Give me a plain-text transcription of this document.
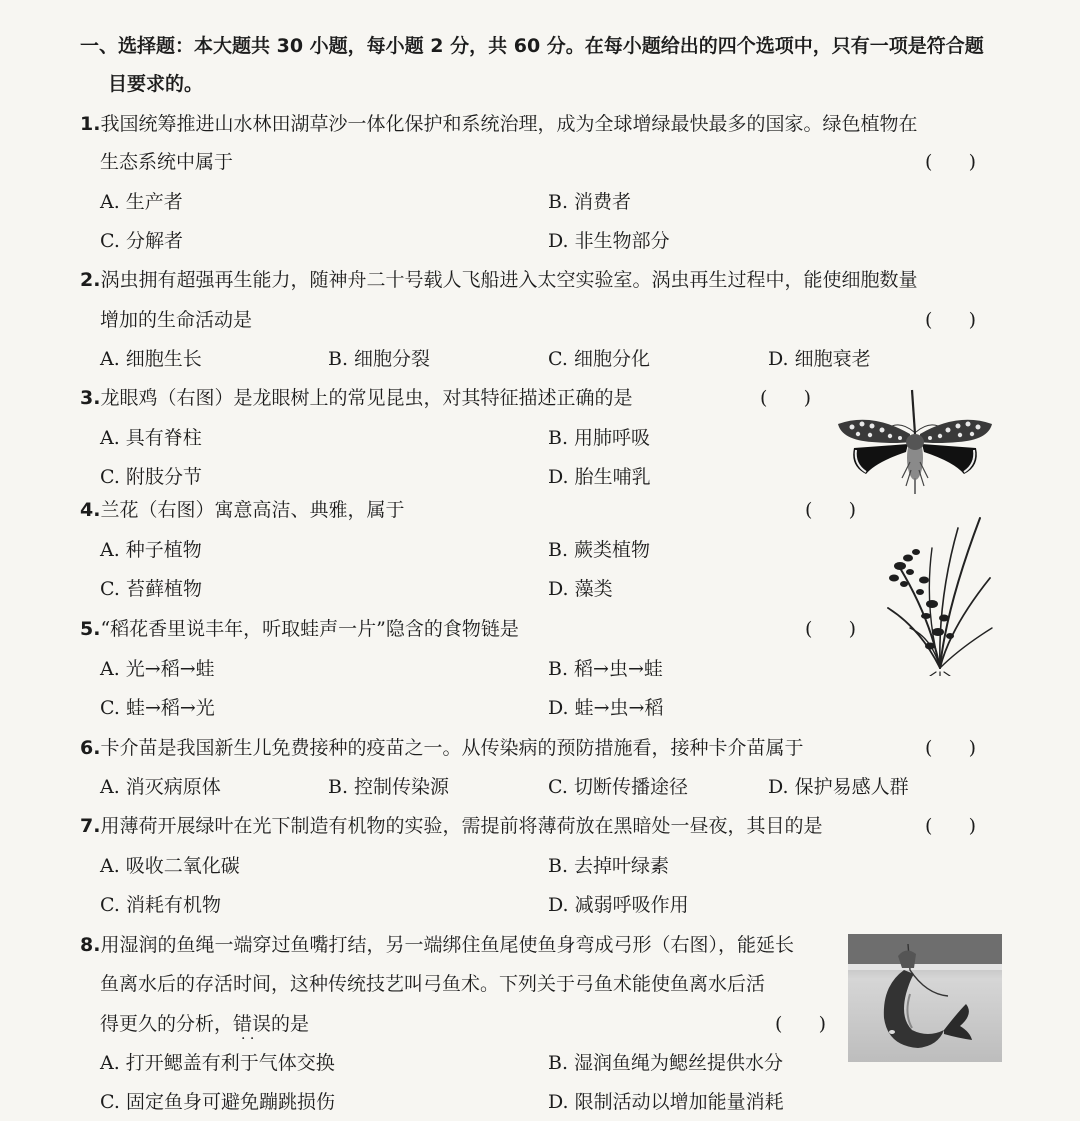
一、选择题：本大题共 30 小题，每小题 2 分，共 60 分。在每小题给出的四个选项中，只有一项是符合题
目要求的。
1.我国统筹推进山水林田湖草沙一体化保护和系统治理，成为全球增绿最快最多的国家。绿色植物在
生态系统中属于	(      )
A. 生产者	B. 消费者
C. 分解者	D. 非生物部分
2.涡虫拥有超强再生能力，随神舟二十号载人飞船进入太空实验室。涡虫再生过程中，能使细胞数量
增加的生命活动是	(      )
A. 细胞生长	B. 细胞分裂	C. 细胞分化	D. 细胞衰老
3.龙眼鸡（右图）是龙眼树上的常见昆虫，对其特征描述正确的是	(      )
A. 具有脊柱	B. 用肺呼吸
C. 附肢分节	D. 胎生哺乳
4.兰花（右图）寓意高洁、典雅，属于	(      )
A. 种子植物	B. 蕨类植物
C. 苔藓植物	D. 藻类
5.“稻花香里说丰年，听取蛙声一片”隐含的食物链是	(      )
A. 光→稻→蛙	B. 稻→虫→蛙
C. 蛙→稻→光	D. 蛙→虫→稻
6.卡介苗是我国新生儿免费接种的疫苗之一。从传染病的预防措施看，接种卡介苗属于	(      )
A. 消灭病原体	B. 控制传染源	C. 切断传播途径	D. 保护易感人群
7.用薄荷开展绿叶在光下制造有机物的实验，需提前将薄荷放在黑暗处一昼夜，其目的是	(      )
A. 吸收二氧化碳	B. 去掉叶绿素
C. 消耗有机物	D. 减弱呼吸作用
8.用湿润的鱼绳一端穿过鱼嘴打结，另一端绑住鱼尾使鱼身弯成弓形（右图），能延长
鱼离水后的存活时间，这种传统技艺叫弓鱼术。下列关于弓鱼术能使鱼离水后活
得更久的分析，错误 · ·的是	(      )
A. 打开鳃盖有利于气体交换	B. 湿润鱼绳为鳃丝提供水分
C. 固定鱼身可避免蹦跳损伤	D. 限制活动以增加能量消耗
